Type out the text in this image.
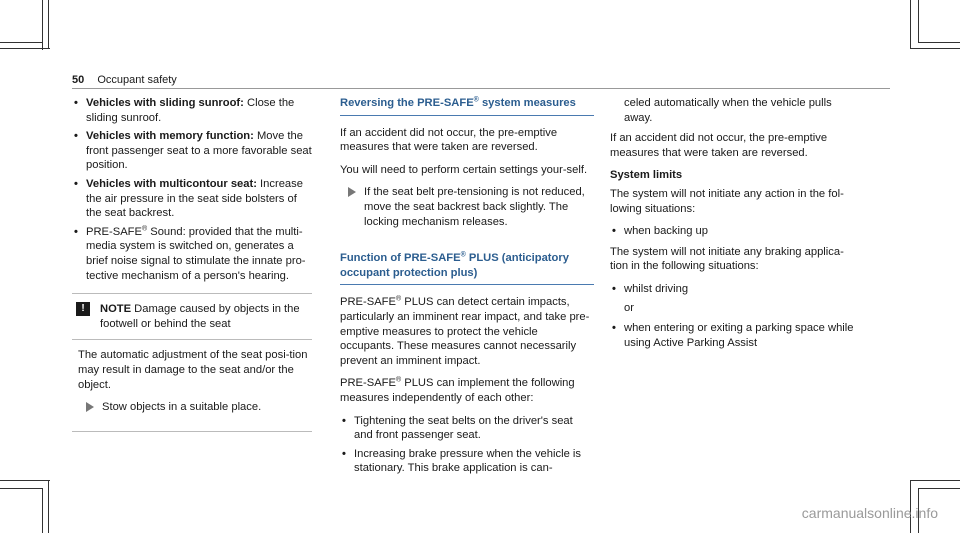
50 Occupant safety
• Vehicles with sliding sunroof: Close the sliding sunroof.
• Vehicles with memory function: Move the front passenger seat to a more favorable seat position.
• Vehicles with multicontour seat: Increase the air pressure in the seat side bolsters of the seat backrest.
• PRE-SAFE® Sound: provided that the multi-media system is switched on, generates a brief noise signal to stimulate the innate pro-tective mechanism of a person's hearing.
!	NOTE Damage caused by objects in the footwell or behind the seat

The automatic adjustment of the seat posi-tion may result in damage to the seat and/or the object.

Stow objects in a suitable place.
Reversing the PRE-SAFE® system measures

If an accident did not occur, the pre-emptive measures that were taken are reversed.

You will need to perform certain settings your-self.

If the seat belt pre-tensioning is not reduced, move the seat backrest back slightly. The locking mechanism releases.
Function of PRE-SAFE® PLUS (anticipatory occupant protection plus)

PRE-SAFE® PLUS can detect certain impacts, particularly an imminent rear impact, and take pre-emptive measures to protect the vehicle occupants. These measures cannot necessarily prevent an imminent impact.

PRE-SAFE® PLUS can implement the following measures independently of each other:

• Tightening the seat belts on the driver's seat and front passenger seat.
• Increasing brake pressure when the vehicle is stationary. This brake application is can-

celed automatically when the vehicle pulls away.

If an accident did not occur, the pre-emptive measures that were taken are reversed.

System limits

The system will not initiate any action in the fol-lowing situations:

• when backing up

The system will not initiate any braking applica-tion in the following situations:

• whilst driving

or

• when entering or exiting a parking space while using Active Parking Assist
carmanualsonline.info
